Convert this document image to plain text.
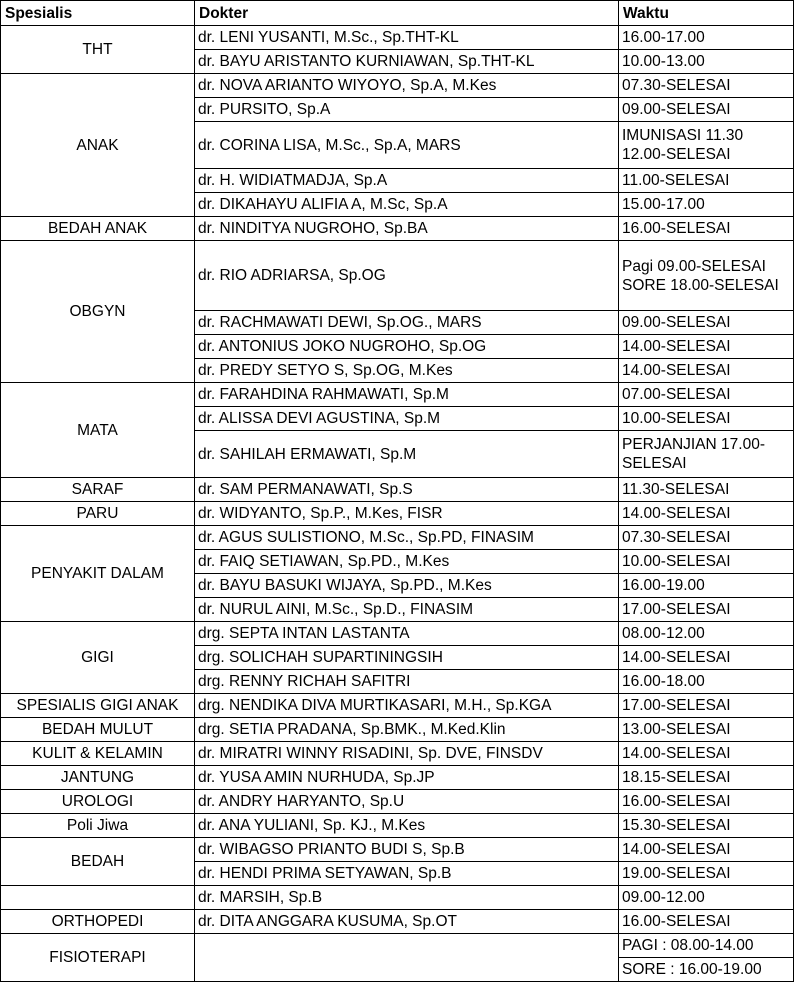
Spesialis	Dokter	Waktu
THT	dr. LENI YUSANTI, M.Sc., Sp.THT-KL	16.00-17.00
	dr. BAYU ARISTANTO KURNIAWAN, Sp.THT-KL	10.00-13.00
ANAK	dr. NOVA ARIANTO WIYOYO, Sp.A, M.Kes	07.30-SELESAI
	dr. PURSITO, Sp.A	09.00-SELESAI
	dr. CORINA LISA, M.Sc., Sp.A, MARS	IMUNISASI 11.30 12.00-SELESAI
	dr. H. WIDIATMADJA, Sp.A	11.00-SELESAI
	dr. DIKAHAYU ALIFIA A, M.Sc, Sp.A	15.00-17.00
BEDAH ANAK	dr. NINDITYA NUGROHO, Sp.BA	16.00-SELESAI
OBGYN	dr. RIO ADRIARSA, Sp.OG	Pagi 09.00-SELESAI SORE 18.00-SELESAI
	dr. RACHMAWATI DEWI, Sp.OG., MARS	09.00-SELESAI
	dr. ANTONIUS JOKO NUGROHO, Sp.OG	14.00-SELESAI
	dr. PREDY SETYO S, Sp.OG, M.Kes	14.00-SELESAI
MATA	dr. FARAHDINA RAHMAWATI, Sp.M	07.00-SELESAI
	dr. ALISSA DEVI AGUSTINA, Sp.M	10.00-SELESAI
	dr. SAHILAH ERMAWATI, Sp.M	PERJANJIAN 17.00-SELESAI
SARAF	dr. SAM PERMANAWATI, Sp.S	11.30-SELESAI
PARU	dr. WIDYANTO, Sp.P., M.Kes, FISR	14.00-SELESAI
PENYAKIT DALAM	dr. AGUS SULISTIONO, M.Sc., Sp.PD, FINASIM	07.30-SELESAI
	dr. FAIQ SETIAWAN, Sp.PD., M.Kes	10.00-SELESAI
	dr. BAYU BASUKI WIJAYA, Sp.PD., M.Kes	16.00-19.00
	dr. NURUL AINI, M.Sc., Sp.D., FINASIM	17.00-SELESAI
GIGI	drg. SEPTA INTAN LASTANTA	08.00-12.00
	drg. SOLICHAH SUPARTININGSIH	14.00-SELESAI
	drg. RENNY RICHAH SAFITRI	16.00-18.00
SPESIALIS GIGI ANAK	drg. NENDIKA DIVA MURTIKASARI, M.H., Sp.KGA	17.00-SELESAI
BEDAH MULUT	drg. SETIA PRADANA, Sp.BMK., M.Ked.Klin	13.00-SELESAI
KULIT & KELAMIN	dr. MIRATRI WINNY RISADINI, Sp. DVE, FINSDV	14.00-SELESAI
JANTUNG	dr. YUSA AMIN NURHUDA, Sp.JP	18.15-SELESAI
UROLOGI	dr. ANDRY HARYANTO, Sp.U	16.00-SELESAI
Poli Jiwa	dr. ANA YULIANI, Sp. KJ., M.Kes	15.30-SELESAI
BEDAH	dr. WIBAGSO PRIANTO BUDI S, Sp.B	14.00-SELESAI
	dr. HENDI PRIMA SETYAWAN, Sp.B	19.00-SELESAI
	dr. MARSIH, Sp.B	09.00-12.00
ORTHOPEDI	dr. DITA ANGGARA KUSUMA, Sp.OT	16.00-SELESAI
FISIOTERAPI		PAGI : 08.00-14.00
		SORE : 16.00-19.00
